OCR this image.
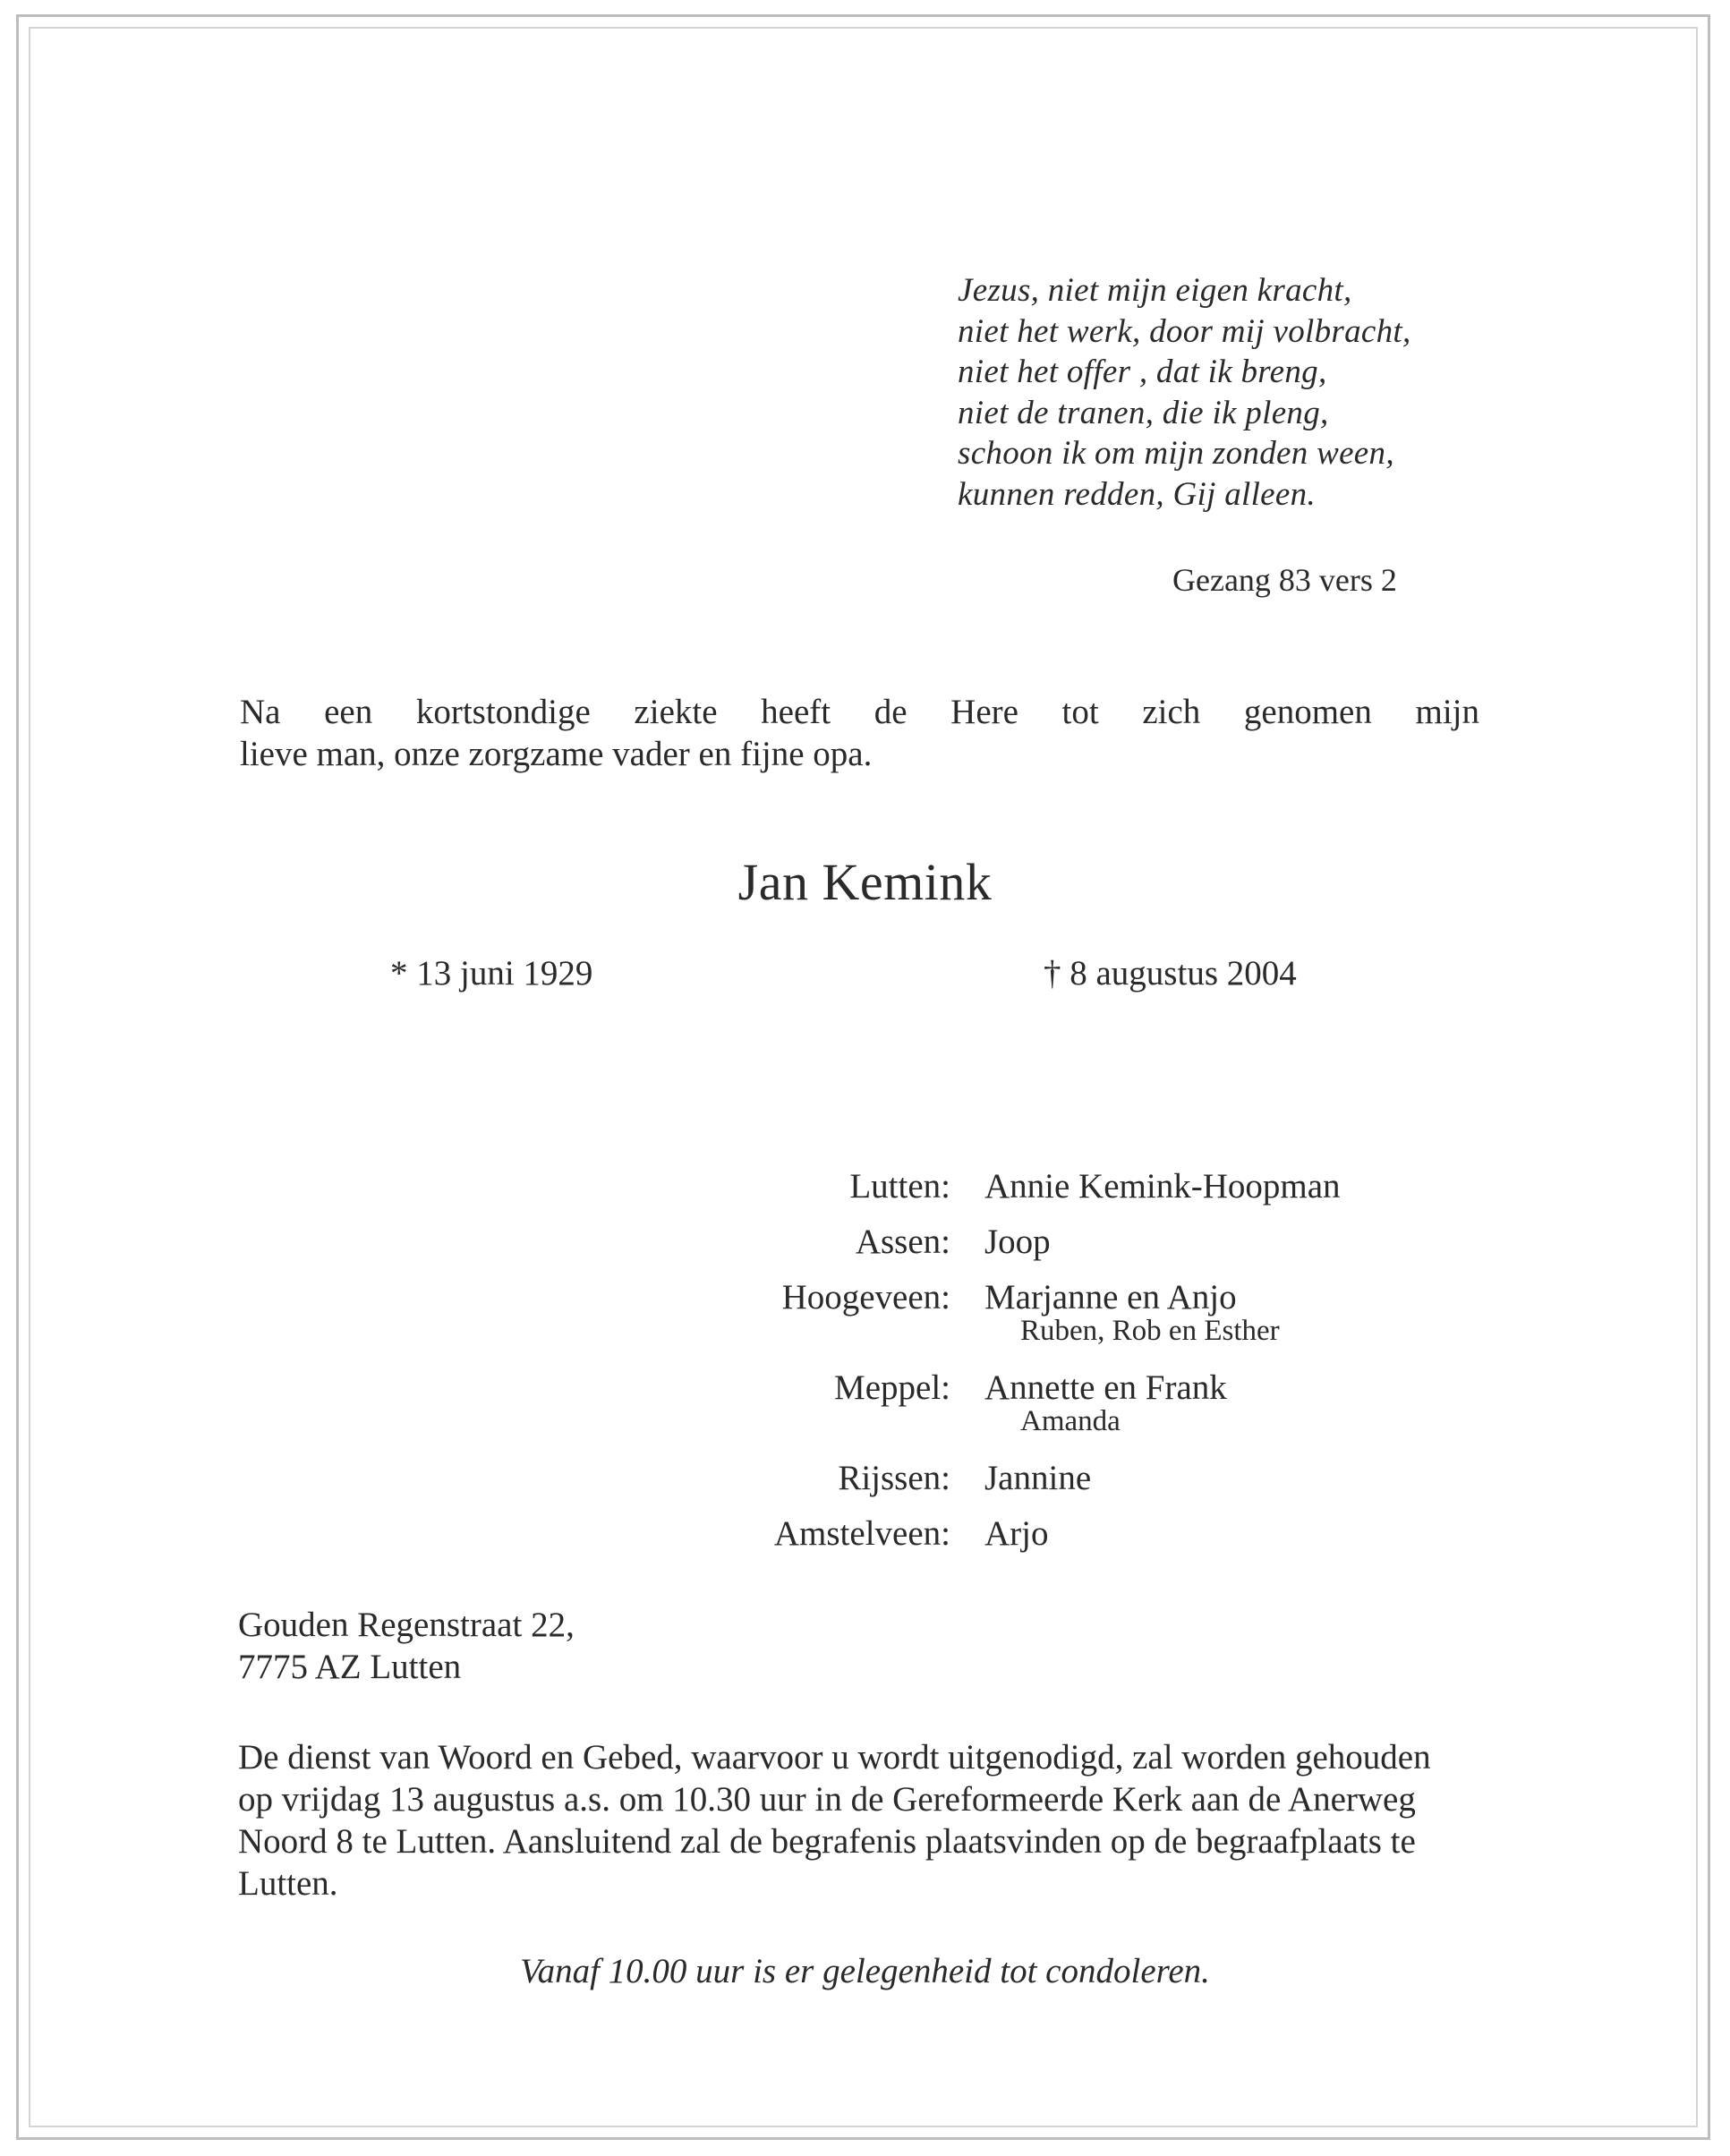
Jezus, niet mijn eigen kracht,
niet het werk, door mij volbracht,
niet het offer , dat ik breng,
niet de tranen, die ik pleng,
schoon ik om mijn zonden ween,
kunnen redden, Gij alleen.
Gezang 83 vers 2
Na een kortstondige ziekte heeft de Here tot zich genomen mijn
lieve man, onze zorgzame vader en fijne opa.
Jan Kemink
* 13 juni 1929	† 8 augustus 2004
Lutten: Annie Kemink-Hoopman
Assen: Joop
Hoogeveen: Marjanne en Anjo
Ruben, Rob en Esther
Meppel: Annette en Frank
Amanda
Rijssen: Jannine
Amstelveen: Arjo
Gouden Regenstraat 22,
7775 AZ Lutten
De dienst van Woord en Gebed, waarvoor u wordt uitgenodigd, zal worden gehouden op vrijdag 13 augustus a.s. om 10.30 uur in de Gereformeerde Kerk aan de Anerweg Noord 8 te Lutten. Aansluitend zal de begrafenis plaatsvinden op de begraafplaats te Lutten.
Vanaf 10.00 uur is er gelegenheid tot condoleren.
